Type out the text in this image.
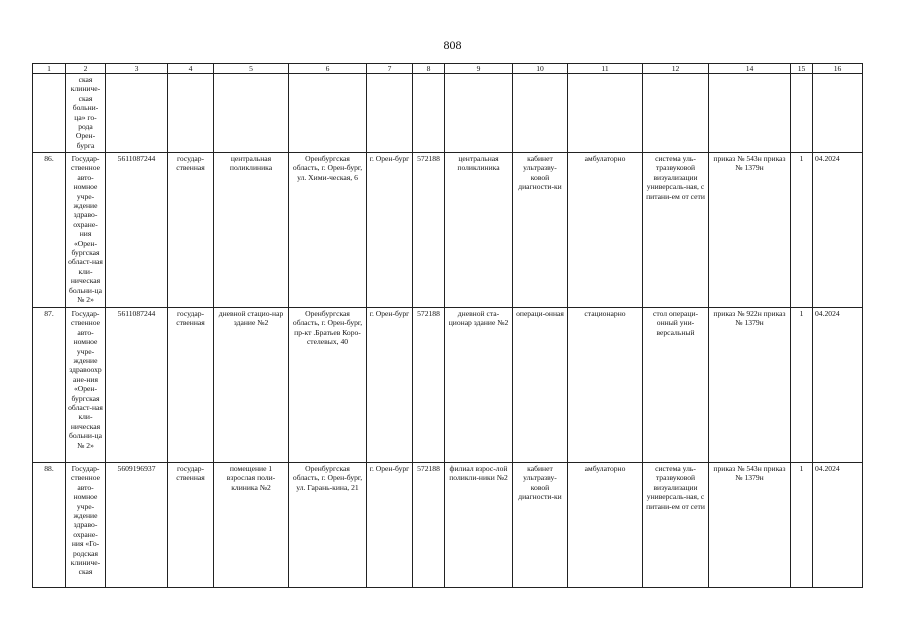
808
1	2	3	4	5	6	7	8	9	10	11	12	14	15	16
	ская клиниче-ская больни-ца» го-рода Орен-бурга													
86.	Государ-ственное авто-номное учре-ждение здраво-охране-ния «Орен-бургская област-ная кли-ническая больни-ца № 2»	5611087244	государ-ственная	центральная поликлиника	Оренбургская область, г. Орен-бург, ул. Хими-ческая, 6	г. Орен-бург	572188	центральная поликлиника	кабинет ультразву-ковой диагности-ки	амбулаторно	система уль-тразвуковой визуализации универсаль-ная, с питани-ем от сети	приказ № 543н приказ № 1379н	1	04.2024
87.	Государ-ственное авто-номное учре-ждение здравоохране-ния «Орен-бургская област-ная кли-ническая больни-ца № 2»	5611087244	государ-ственная	дневной стацио-нар здание №2	Оренбургская область, г. Орен-бург, пр-кт .Братьев Коро-стелевых, 40	г. Орен-бург	572188	дневной ста-ционар здание №2	операци-онная	стационарно	стол операци-онный уни-версальный	приказ № 922н приказ № 1379н	1	04.2024
88.	Государ-ственное авто-номное учре-ждение здраво-охране-ния «Го-родская клиниче-ская	5609196937	государ-ственная	помещение 1 взрослая поли-клиника №2	Оренбургская область, г. Орен-бург, ул. Гарань-кина, 21	г. Орен-бург	572188	филиал взрос-лой поликли-ники №2	кабинет ультразву-ковой диагности-ки	амбулаторно	система уль-тразвуковой визуализации универсаль-ная, с питани-ем от сети	приказ № 543н приказ № 1379н	1	04.2024
